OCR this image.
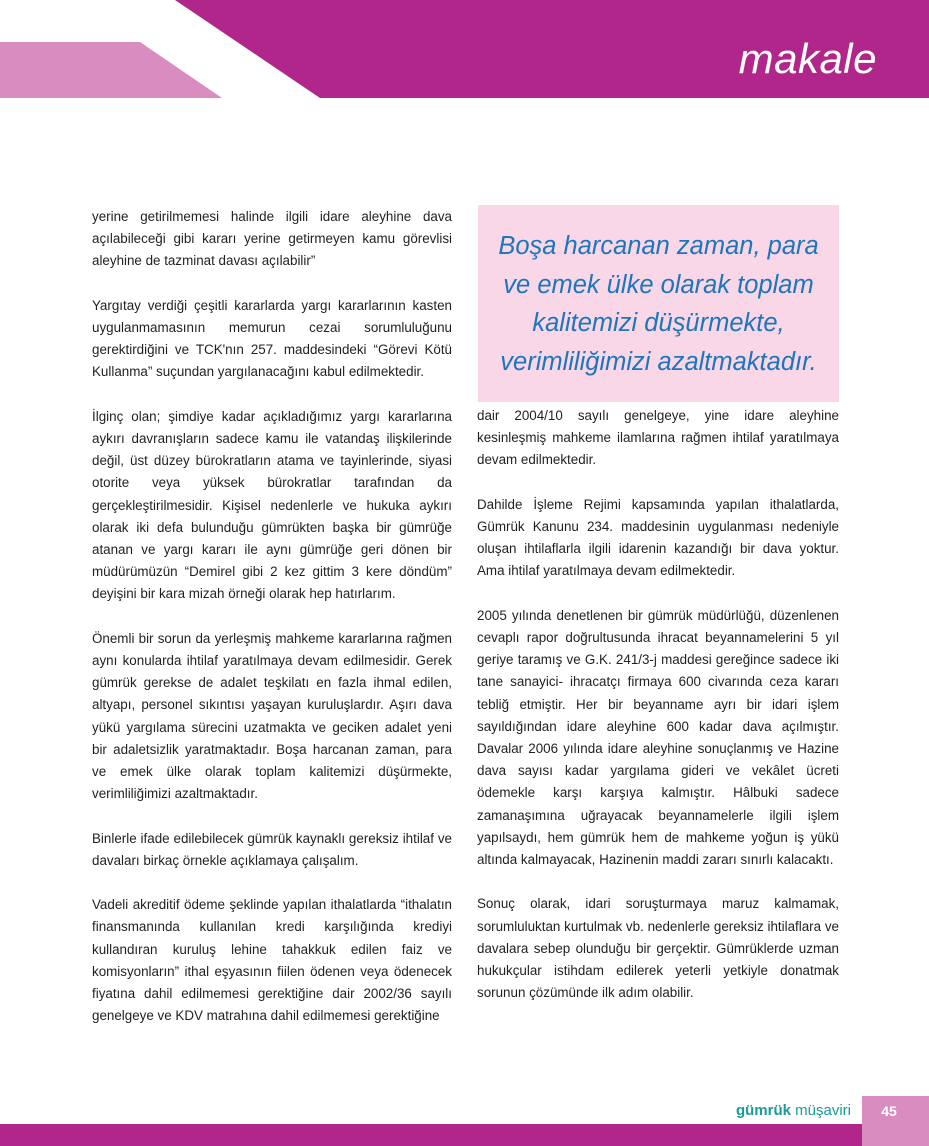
makale

yerine getirilmemesi halinde ilgili idare aleyhine dava açılabileceği gibi kararı yerine getirmeyen kamu görevlisi aleyhine de tazminat davası açılabilir”

Yargıtay verdiği çeşitli kararlarda yargı kararlarının kasten uygulanmamasının memurun cezai sorumluluğunu gerektirdiğini ve TCK'nın 257. maddesindeki “Görevi Kötü Kullanma” suçundan yargılanacağını kabul edilmektedir.

İlginç olan; şimdiye kadar açıkladığımız yargı kararlarına aykırı davranışların sadece kamu ile vatandaş ilişkilerinde değil, üst düzey bürokratların atama ve tayinlerinde, siyasi otorite veya yüksek bürokratlar tarafından da gerçekleştirilmesidir. Kişisel nedenlerle ve hukuka aykırı olarak iki defa bulunduğu gümrükten başka bir gümrüğe atanan ve yargı kararı ile aynı gümrüğe geri dönen bir müdürümüzün “Demirel gibi 2 kez gittim 3 kere döndüm” deyişini bir kara mizah örneği olarak hep hatırlarım.

Önemli bir sorun da yerleşmiş mahkeme kararlarına rağmen aynı konularda ihtilaf yaratılmaya devam edilmesidir. Gerek gümrük gerekse de adalet teşkilatı en fazla ihmal edilen, altyapı, personel sıkıntısı yaşayan kuruluşlardır. Aşırı dava yükü yargılama sürecini uzatmakta ve geciken adalet yeni bir adaletsizlik yaratmaktadır. Boşa harcanan zaman, para ve emek ülke olarak toplam kalitemizi düşürmekte, verimliliğimizi azaltmaktadır.

Binlerle ifade edilebilecek gümrük kaynaklı gereksiz ihtilaf ve davaları birkaç örnekle açıklamaya çalışalım.

Vadeli akreditif ödeme şeklinde yapılan ithalatlarda “ithalatın finansmanında kullanılan kredi karşılığında krediyi kullandıran kuruluş lehine tahakkuk edilen faiz ve komisyonların” ithal eşyasının fiilen ödenen veya ödenecek fiyatına dahil edilmemesi gerektiğine dair 2002/36 sayılı genelgeye ve KDV matrahına dahil edilmemesi gerektiğine

Boşa harcanan zaman, para
ve emek ülke olarak toplam
kalitemizi düşürmekte,
verimliliğimizi azaltmaktadır.

dair 2004/10 sayılı genelgeye, yine idare aleyhine kesinleşmiş mahkeme ilamlarına rağmen ihtilaf yaratılmaya devam edilmektedir.

Dahilde İşleme Rejimi kapsamında yapılan ithalatlarda, Gümrük Kanunu 234. maddesinin uygulanması nedeniyle oluşan ihtilaflarla ilgili idarenin kazandığı bir dava yoktur. Ama ihtilaf yaratılmaya devam edilmektedir.

2005 yılında denetlenen bir gümrük müdürlüğü, düzenlenen cevaplı rapor doğrultusunda ihracat beyannamelerini 5 yıl geriye taramış ve G.K. 241/3-j maddesi gereğince sadece iki tane sanayici- ihracatçı firmaya 600 civarında ceza kararı tebliğ etmiştir. Her bir beyanname ayrı bir idari işlem sayıldığından idare aleyhine 600 kadar dava açılmıştır. Davalar 2006 yılında idare aleyhine sonuçlanmış ve Hazine dava sayısı kadar yargılama gideri ve vekâlet ücreti ödemekle karşı karşıya kalmıştır. Hâlbuki sadece zamanaşımına uğrayacak beyannamelerle ilgili işlem yapılsaydı, hem gümrük hem de mahkeme yoğun iş yükü altında kalmayacak, Hazinenin maddi zararı sınırlı kalacaktı.

Sonuç olarak, idari soruşturmaya maruz kalmamak, sorumluluktan kurtulmak vb. nedenlerle gereksiz ihtilaflara ve davalara sebep olunduğu bir gerçektir. Gümrüklerde uzman hukukçular istihdam edilerek yeterli yetkiyle donatmak sorunun çözümünde ilk adım olabilir.

gümrük müşaviri	45
